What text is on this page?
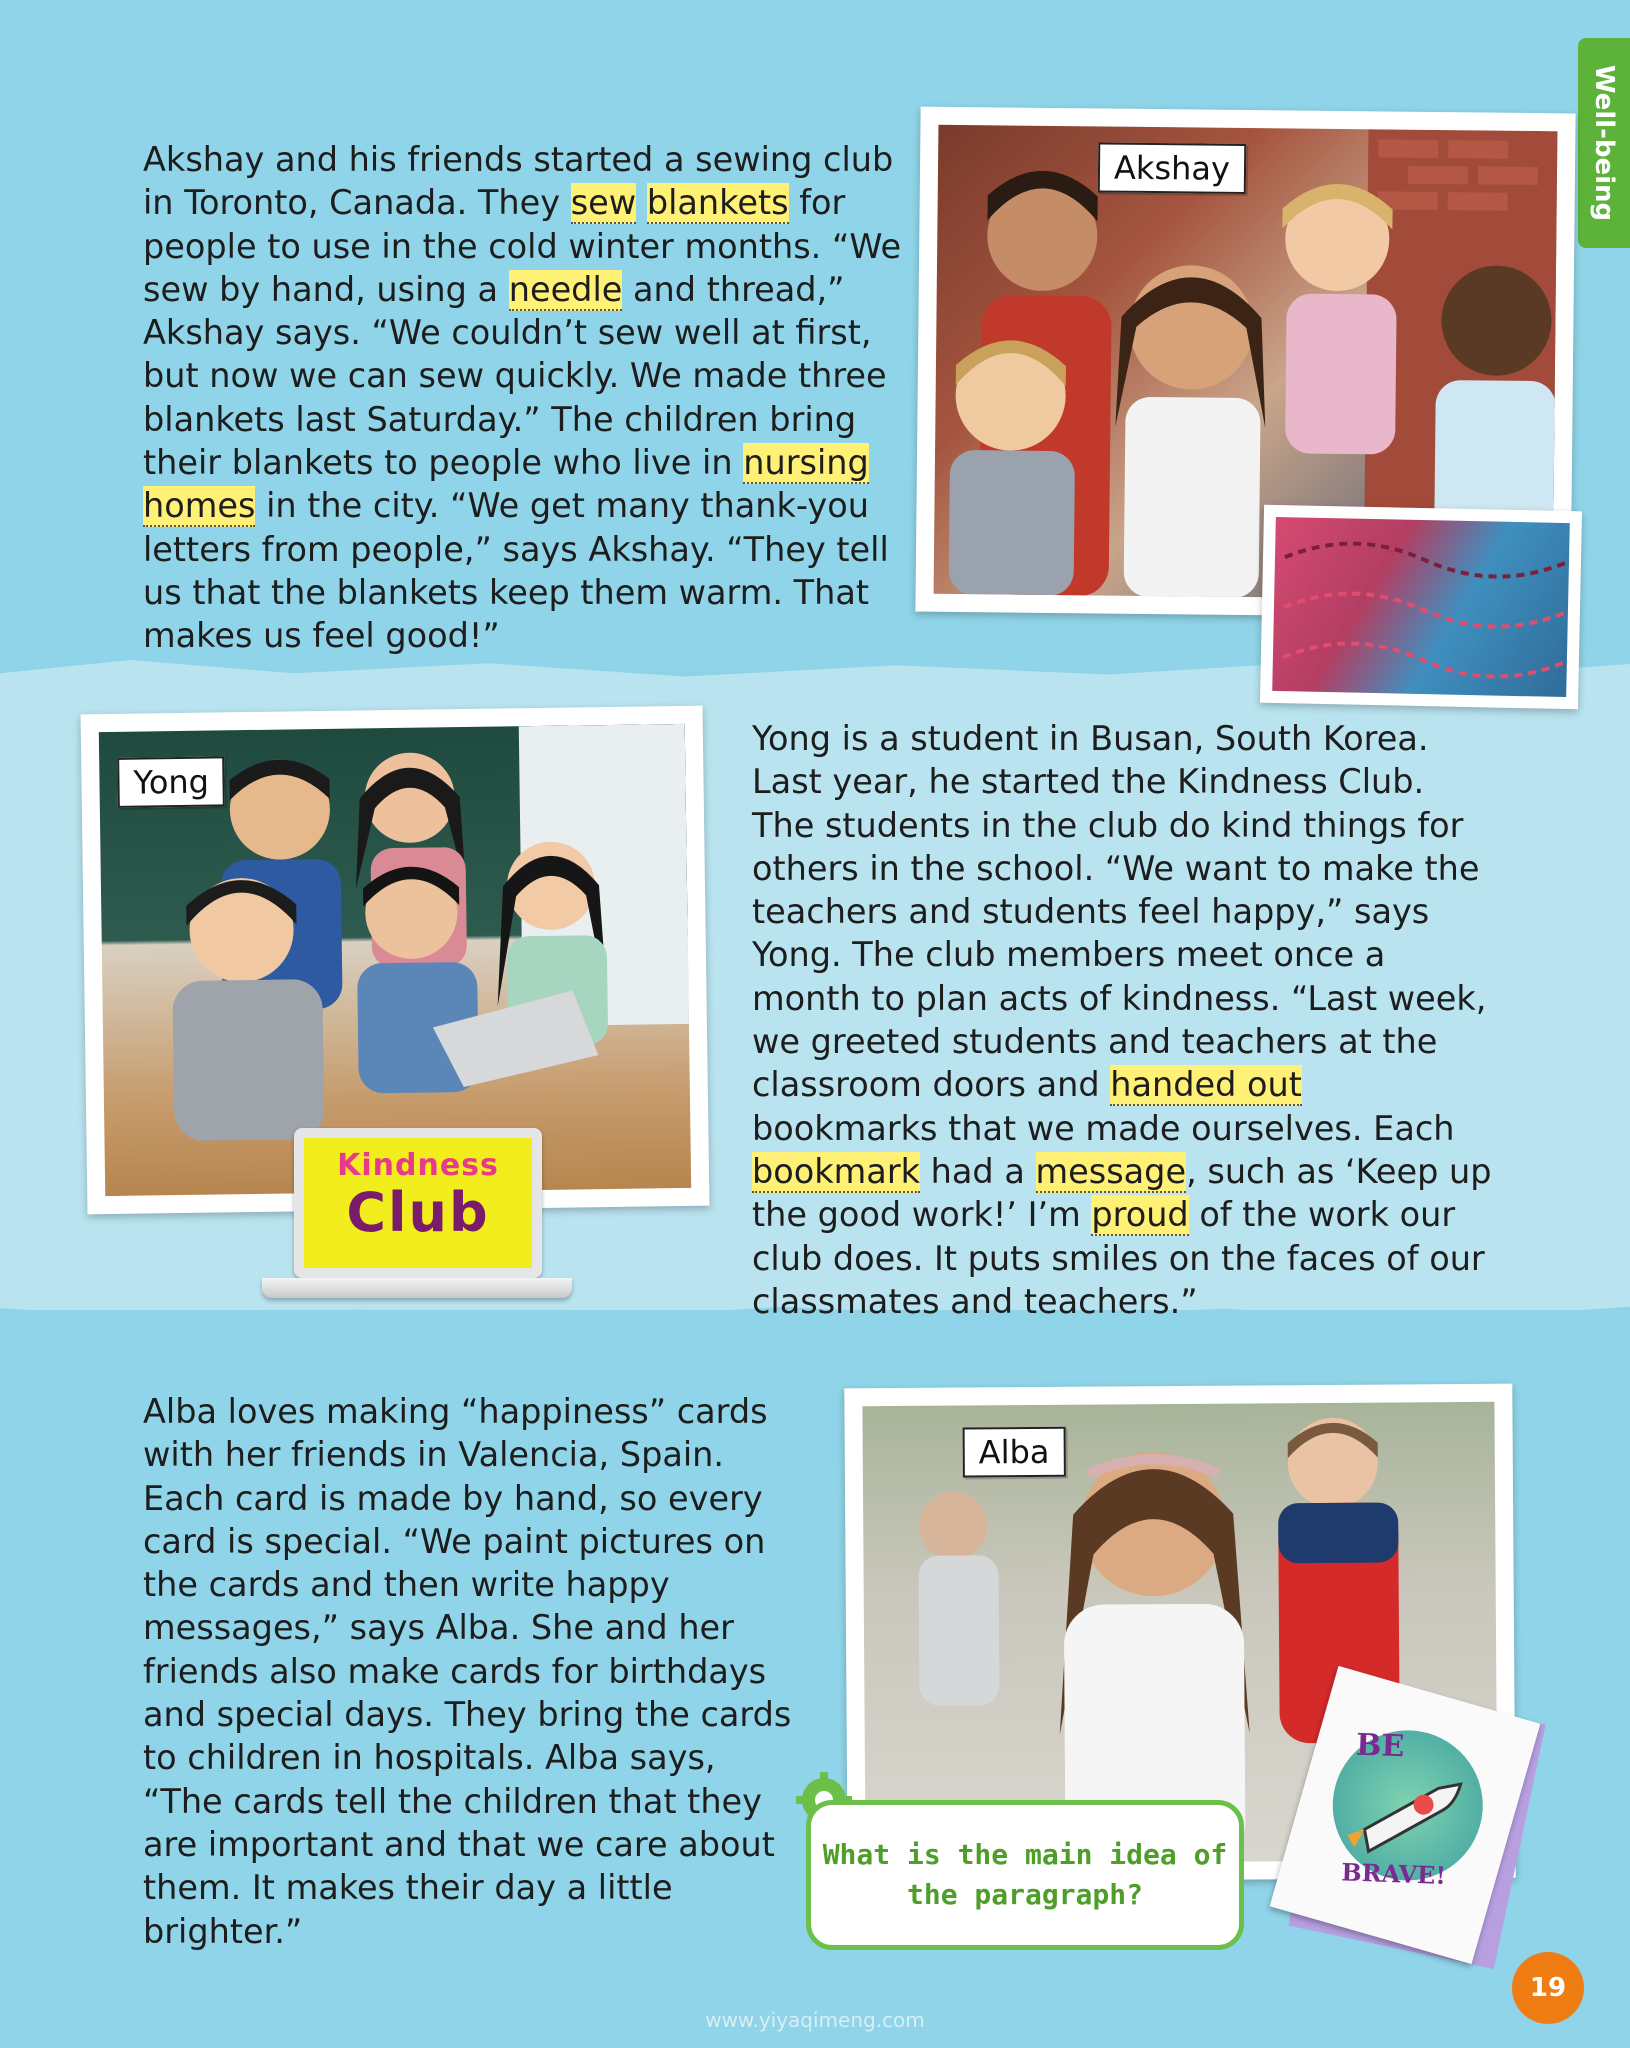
Well-being

Akshay and his friends started a sewing club in Toronto, Canada. They sew blankets for people to use in the cold winter months. “We sew by hand, using a needle and thread,” Akshay says. “We couldn’t sew well at first, but now we can sew quickly. We made three blankets last Saturday.” The children bring their blankets to people who live in nursing homes in the city. “We get many thank-you letters from people,” says Akshay. “They tell us that the blankets keep them warm. That makes us feel good!”

Akshay
Yong
Kindness
Club

Yong is a student in Busan, South Korea. Last year, he started the Kindness Club. The students in the club do kind things for others in the school. “We want to make the teachers and students feel happy,” says Yong. The club members meet once a month to plan acts of kindness. “Last week, we greeted students and teachers at the classroom doors and handed out bookmarks that we made ourselves. Each bookmark had a message, such as ‘Keep up the good work!’ I’m proud of the work our club does. It puts smiles on the faces of our classmates and teachers.”

Alba loves making “happiness” cards with her friends in Valencia, Spain. Each card is made by hand, so every card is special. “We paint pictures on the cards and then write happy messages,” says Alba. She and her friends also make cards for birthdays and special days. They bring the cards to children in hospitals. Alba says, “The cards tell the children that they are important and that we care about them. It makes their day a little brighter.”

Alba
BE
BRAVE!

What is the main idea of the paragraph?

19
www.yiyaqimeng.com
